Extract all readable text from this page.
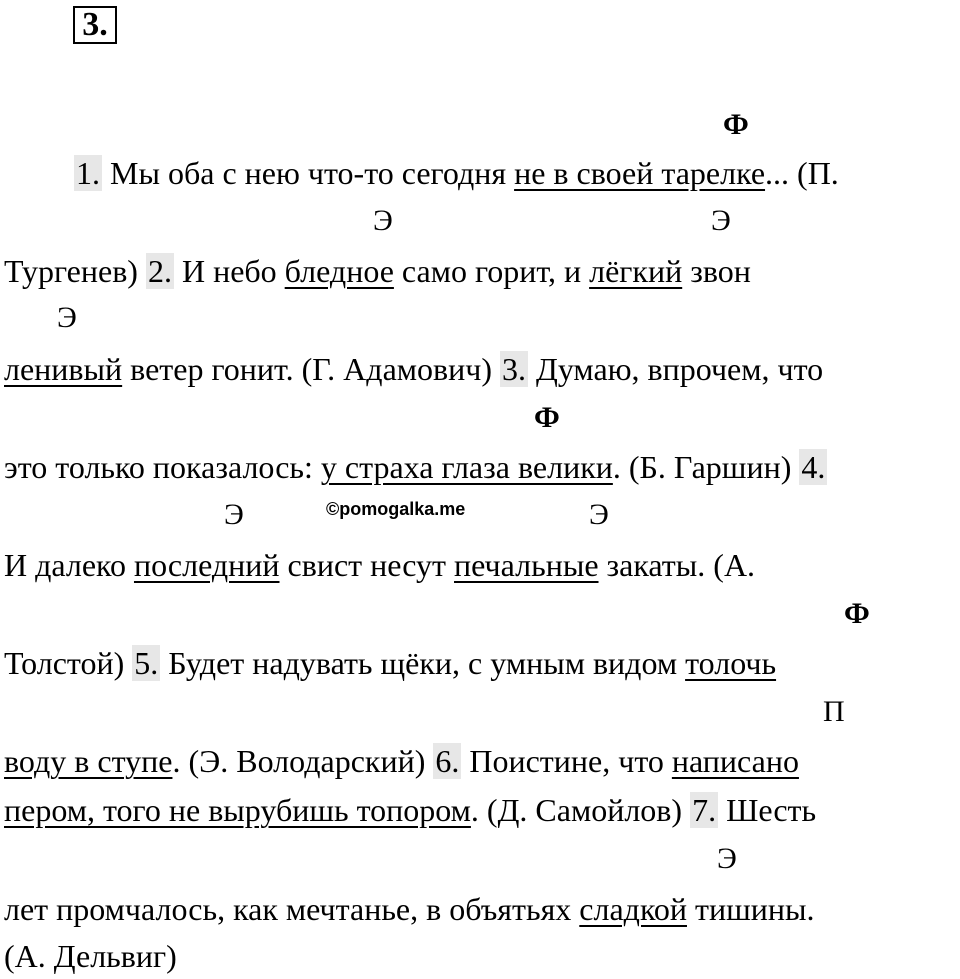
3.
Ф
Э	Э
Э
Ф
Э	Э
Ф
П
Э
©pomogalka.me
1. Мы оба с нею что-то сегодня не в своей тарелке... (П.
Тургенев) 2. И небо бледное само горит, и лёгкий звон
ленивый ветер гонит. (Г. Адамович) 3. Думаю, впрочем, что
это только показалось: у страха глаза велики. (Б. Гаршин) 4.
И далеко последний свист несут печальные закаты. (А.
Толстой) 5. Будет надувать щёки, с умным видом толочь
воду в ступе. (Э. Володарский) 6. Поистине, что написано
пером, того не вырубишь топором. (Д. Самойлов) 7. Шесть
лет промчалось, как мечтанье, в объятьях сладкой тишины.
(А. Дельвиг)
